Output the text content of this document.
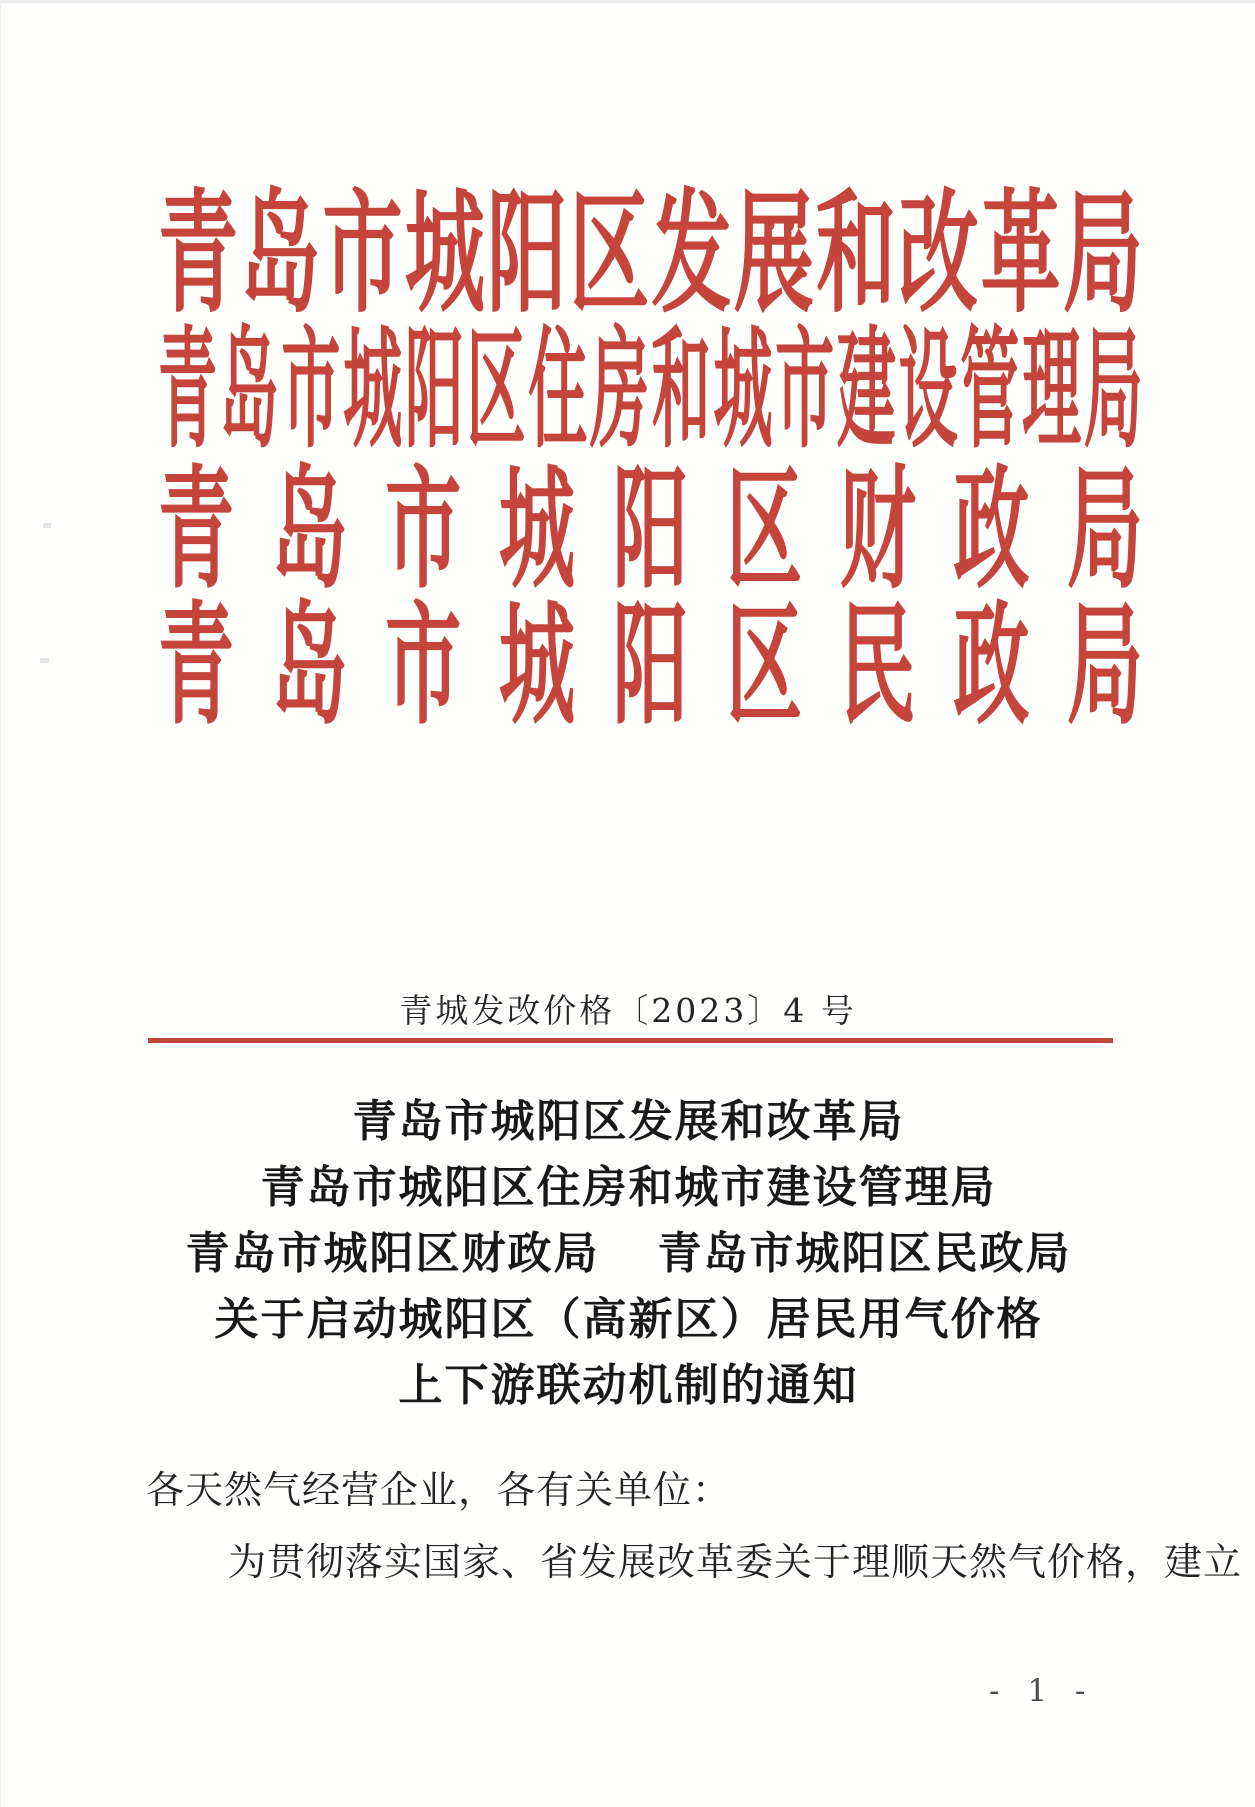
青 岛 市 城 阳 区 发 展 和 改 革 局
青 岛 市 城 阳 区 住 房 和 城 市 建 设 管 理 局
青 岛 市 城 阳 区 财 政 局
青 岛 市 城 阳 区 民 政 局
青城发改价格〔2023〕4 号
青岛市城阳区发展和改革局
青岛市城阳区住房和城市建设管理局
青岛市城阳区财政局 青岛市城阳区民政局
关于启动城阳区（高新区）居民用气价格
上下游联动机制的通知
各天然气经营企业，各有关单位：
为贯彻落实国家、省发展改革委关于理顺天然气价格，建立
- 1 -
